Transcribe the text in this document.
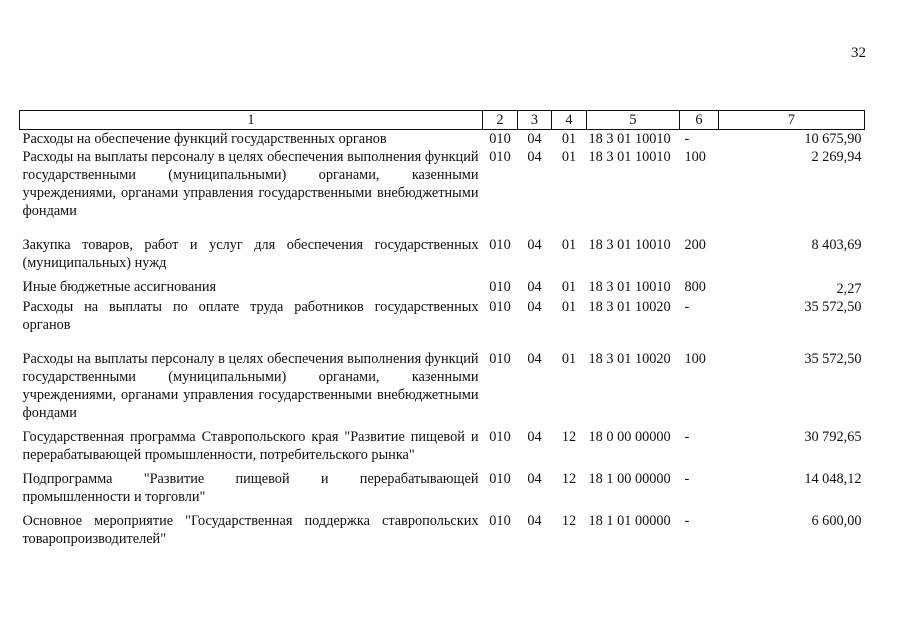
32
1	2	3	4	5	6	7
Расходы на обеспечение функций государственных органов	010	04	01	18 3 01 10010	-	10 675,90
Расходы на выплаты персоналу в целях обеспечения выполнения функций государственными (муниципальными) органами, казенными учреждениями, органами управления государственными внебюджетными фондами	010	04	01	18 3 01 10010	100	2 269,94
Закупка товаров, работ и услуг для обеспечения государственных (муниципальных) нужд	010	04	01	18 3 01 10010	200	8 403,69
Иные бюджетные ассигнования	010	04	01	18 3 01 10010	800	2,27
Расходы на выплаты по оплате труда работников государственных органов	010	04	01	18 3 01 10020	-	35 572,50
Расходы на выплаты персоналу в целях обеспечения выполнения функций государственными (муниципальными) органами, казенными учреждениями, органами управления государственными внебюджетными фондами	010	04	01	18 3 01 10020	100	35 572,50
Государственная программа Ставропольского края "Развитие пищевой и перерабатывающей промышленности, потребительского рынка"	010	04	12	18 0 00 00000	-	30 792,65
Подпрограмма "Развитие пищевой и перерабатывающей промышленности и торговли"	010	04	12	18 1 00 00000	-	14 048,12
Основное мероприятие "Государственная поддержка ставропольских товаропроизводителей"	010	04	12	18 1 01 00000	-	6 600,00
